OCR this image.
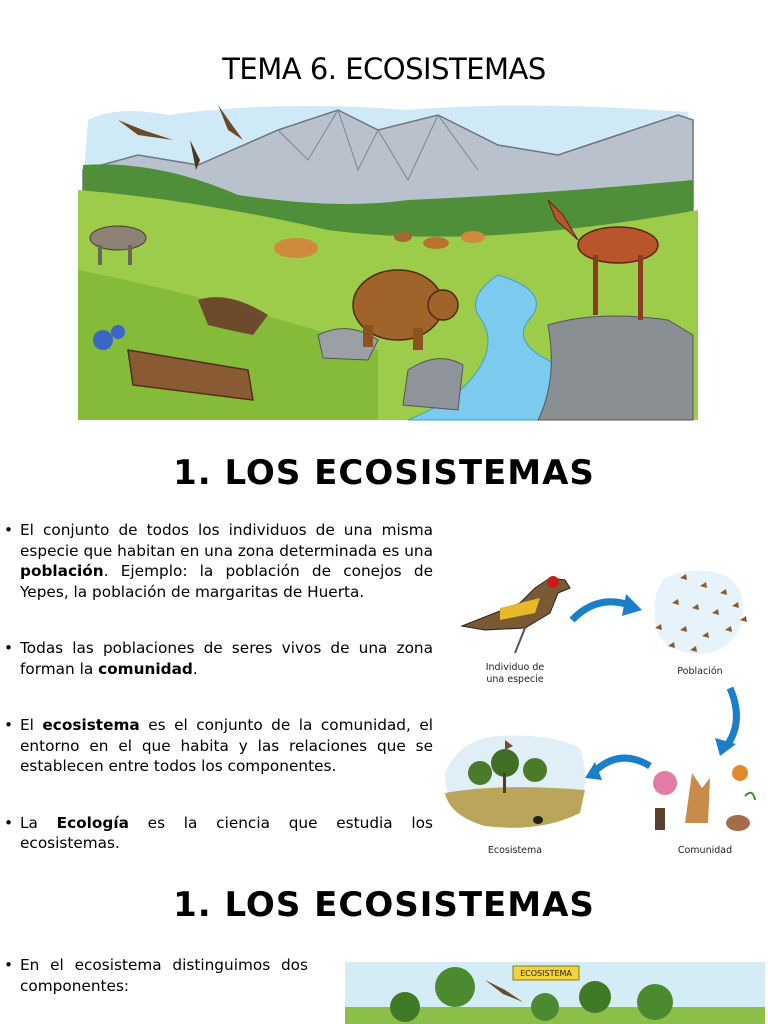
TEMA 6. ECOSISTEMAS
1. LOS ECOSISTEMAS
• El conjunto de todos los individuos de una misma especie que habitan en una zona determinada es una población. Ejemplo: la población de conejos de Yepes, la población de margaritas de Huerta.
• Todas las poblaciones de seres vivos de una zona forman la comunidad.
• El ecosistema es el conjunto de la comunidad, el entorno en el que habita y las relaciones que se establecen entre todos los componentes.
• La Ecología es la ciencia que estudia los ecosistemas.
Individuo de una especie
Población
Comunidad
Ecosistema
1. LOS ECOSISTEMAS
• En el ecosistema distinguimos dos componentes:
ECOSISTEMA
